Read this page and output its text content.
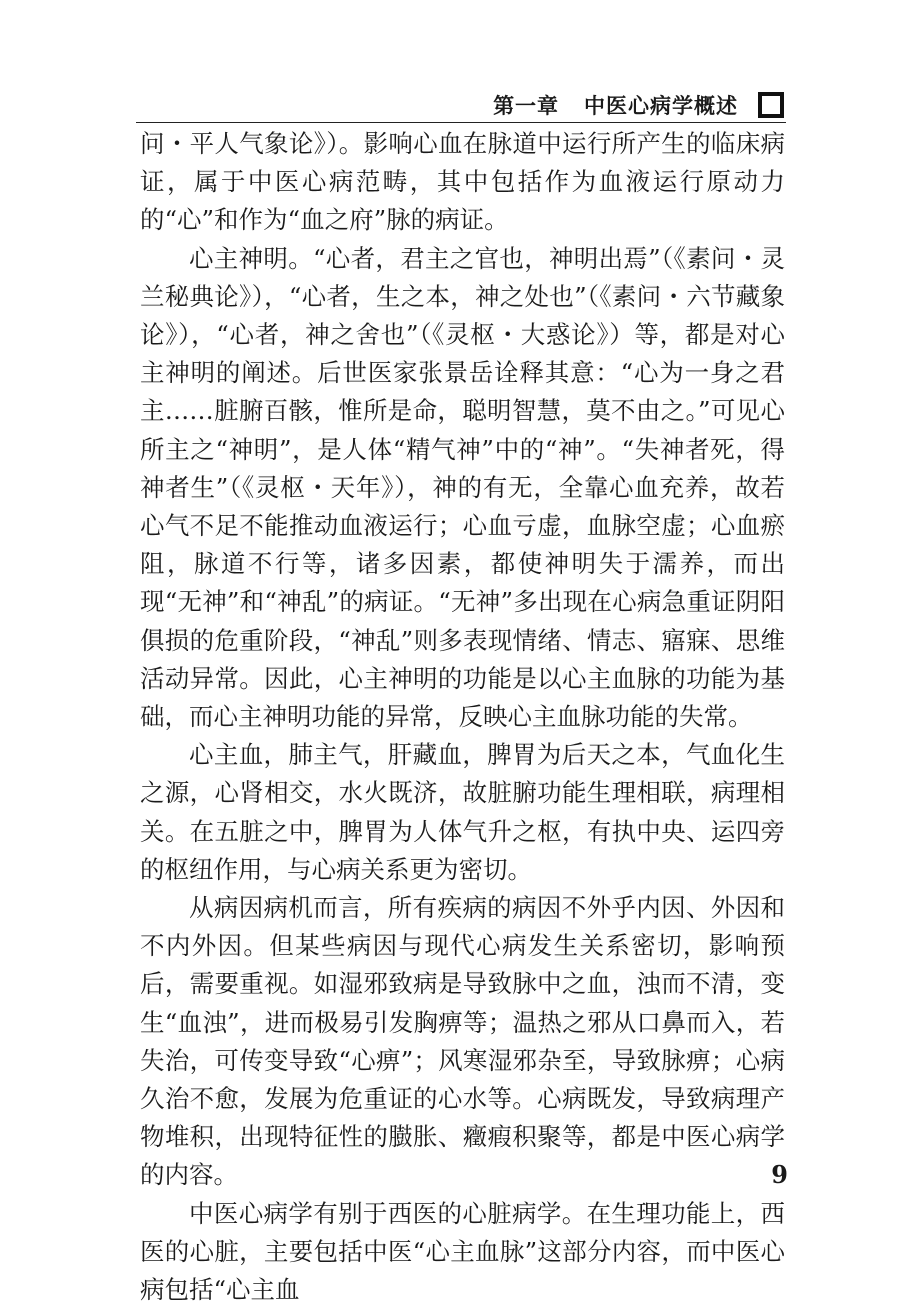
第一章   中医心病学概述

问・平人气象论》）。影响心血在脉道中运行所产生的临床病证，属于中医心病范畴，其中包括作为血液运行原动力的“心”和作为“血之府”脉的病证。

心主神明。“心者，君主之官也，神明出焉”（《素问・灵兰秘典论》），“心者，生之本，神之处也”（《素问・六节藏象论》），“心者，神之舍也”（《灵枢・大惑论》）等，都是对心主神明的阐述。后世医家张景岳诠释其意：“心为一身之君主……脏腑百骸，惟所是命，聪明智慧，莫不由之。”可见心所主之“神明”，是人体“精气神”中的“神”。“失神者死，得神者生”（《灵枢・天年》），神的有无，全靠心血充养，故若心气不足不能推动血液运行；心血亏虚，血脉空虚；心血瘀阻，脉道不行等，诸多因素，都使神明失于濡养，而出现“无神”和“神乱”的病证。“无神”多出现在心病急重证阴阳俱损的危重阶段，“神乱”则多表现情绪、情志、寤寐、思维活动异常。因此，心主神明的功能是以心主血脉的功能为基础，而心主神明功能的异常，反映心主血脉功能的失常。

心主血，肺主气，肝藏血，脾胃为后天之本，气血化生之源，心肾相交，水火既济，故脏腑功能生理相联，病理相关。在五脏之中，脾胃为人体气升之枢，有执中央、运四旁的枢纽作用，与心病关系更为密切。

从病因病机而言，所有疾病的病因不外乎内因、外因和不内外因。但某些病因与现代心病发生关系密切，影响预后，需要重视。如湿邪致病是导致脉中之血，浊而不清，变生“血浊”，进而极易引发胸痹等；温热之邪从口鼻而入，若失治，可传变导致“心痹”；风寒湿邪杂至，导致脉痹；心病久治不愈，发展为危重证的心水等。心病既发，导致病理产物堆积，出现特征性的臌胀、癥瘕积聚等，都是中医心病学的内容。

中医心病学有别于西医的心脏病学。在生理功能上，西医的心脏，主要包括中医“心主血脉”这部分内容，而中医心病包括“心主血

9
